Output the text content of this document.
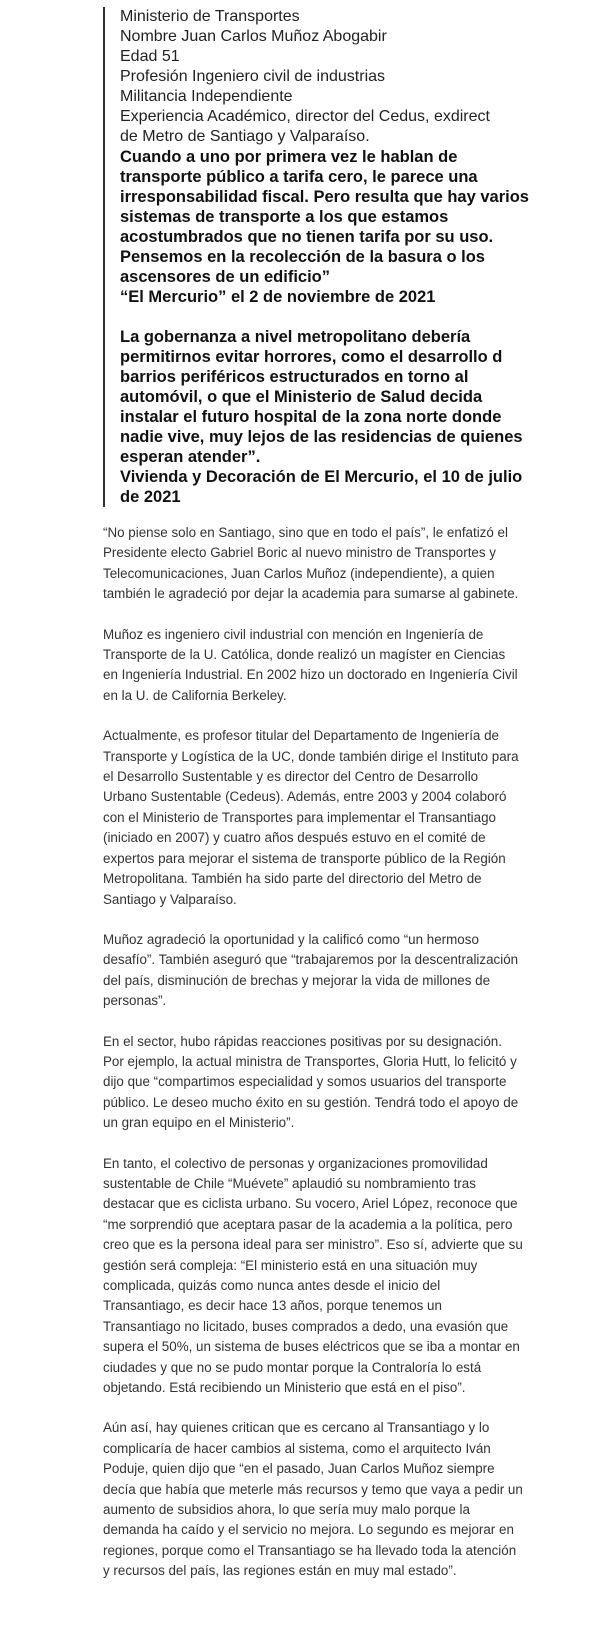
Ministerio de Transportes

Nombre Juan Carlos Muñoz Abogabir

Edad 51

Profesión Ingeniero civil de industrias

Militancia Independiente

Experiencia Académico, director del Cedus, exdirect

de Metro de Santiago y Valparaíso.

Cuando a uno por primera vez le hablan de transporte público a tarifa cero, le parece una irresponsabilidad fiscal. Pero resulta que hay varios sistemas de transporte a los que estamos acostumbrados que no tienen tarifa por su uso. Pensemos en la recolección de la basura o los ascensores de un edificio”

“El Mercurio” el 2 de noviembre de 2021

La gobernanza a nivel metropolitano debería permitirnos evitar horrores, como el desarrollo d barrios periféricos estructurados en torno al automóvil, o que el Ministerio de Salud decida instalar el futuro hospital de la zona norte donde nadie vive, muy lejos de las residencias de quienes esperan atender”.

Vivienda y Decoración de El Mercurio, el 10 de julio de 2021

“No piense solo en Santiago, sino que en todo el país”, le enfatizó el Presidente electo Gabriel Boric al nuevo ministro de Transportes y Telecomunicaciones, Juan Carlos Muñoz (independiente), a quien también le agradeció por dejar la academia para sumarse al gabinete.

Muñoz es ingeniero civil industrial con mención en Ingeniería de Transporte de la U. Católica, donde realizó un magíster en Ciencias en Ingeniería Industrial. En 2002 hizo un doctorado en Ingeniería Civil en la U. de California Berkeley.

Actualmente, es profesor titular del Departamento de Ingeniería de Transporte y Logística de la UC, donde también dirige el Instituto para el Desarrollo Sustentable y es director del Centro de Desarrollo Urbano Sustentable (Cedeus). Además, entre 2003 y 2004 colaboró con el Ministerio de Transportes para implementar el Transantiago (iniciado en 2007) y cuatro años después estuvo en el comité de expertos para mejorar el sistema de transporte público de la Región Metropolitana. También ha sido parte del directorio del Metro de Santiago y Valparaíso.

Muñoz agradeció la oportunidad y la calificó como “un hermoso desafío”. También aseguró que “trabajaremos por la descentralización del país, disminución de brechas y mejorar la vida de millones de personas”.

En el sector, hubo rápidas reacciones positivas por su designación. Por ejemplo, la actual ministra de Transportes, Gloria Hutt, lo felicitó y dijo que “compartimos especialidad y somos usuarios del transporte público. Le deseo mucho éxito en su gestión. Tendrá todo el apoyo de un gran equipo en el Ministerio”.

En tanto, el colectivo de personas y organizaciones promovilidad sustentable de Chile “Muévete” aplaudió su nombramiento tras destacar que es ciclista urbano. Su vocero, Ariel López, reconoce que “me sorprendió que aceptara pasar de la academia a la política, pero creo que es la persona ideal para ser ministro”. Eso sí, advierte que su gestión será compleja: “El ministerio está en una situación muy complicada, quizás como nunca antes desde el inicio del Transantiago, es decir hace 13 años, porque tenemos un Transantiago no licitado, buses comprados a dedo, una evasión que supera el 50%, un sistema de buses eléctricos que se iba a montar en ciudades y que no se pudo montar porque la Contraloría lo está objetando. Está recibiendo un Ministerio que está en el piso”.

Aún así, hay quienes critican que es cercano al Transantiago y lo complicaría de hacer cambios al sistema, como el arquitecto Iván Poduje, quien dijo que “en el pasado, Juan Carlos Muñoz siempre decía que había que meterle más recursos y temo que vaya a pedir un aumento de subsidios ahora, lo que sería muy malo porque la demanda ha caído y el servicio no mejora. Lo segundo es mejorar en regiones, porque como el Transantiago se ha llevado toda la atención y recursos del país, las regiones están en muy mal estado”.
